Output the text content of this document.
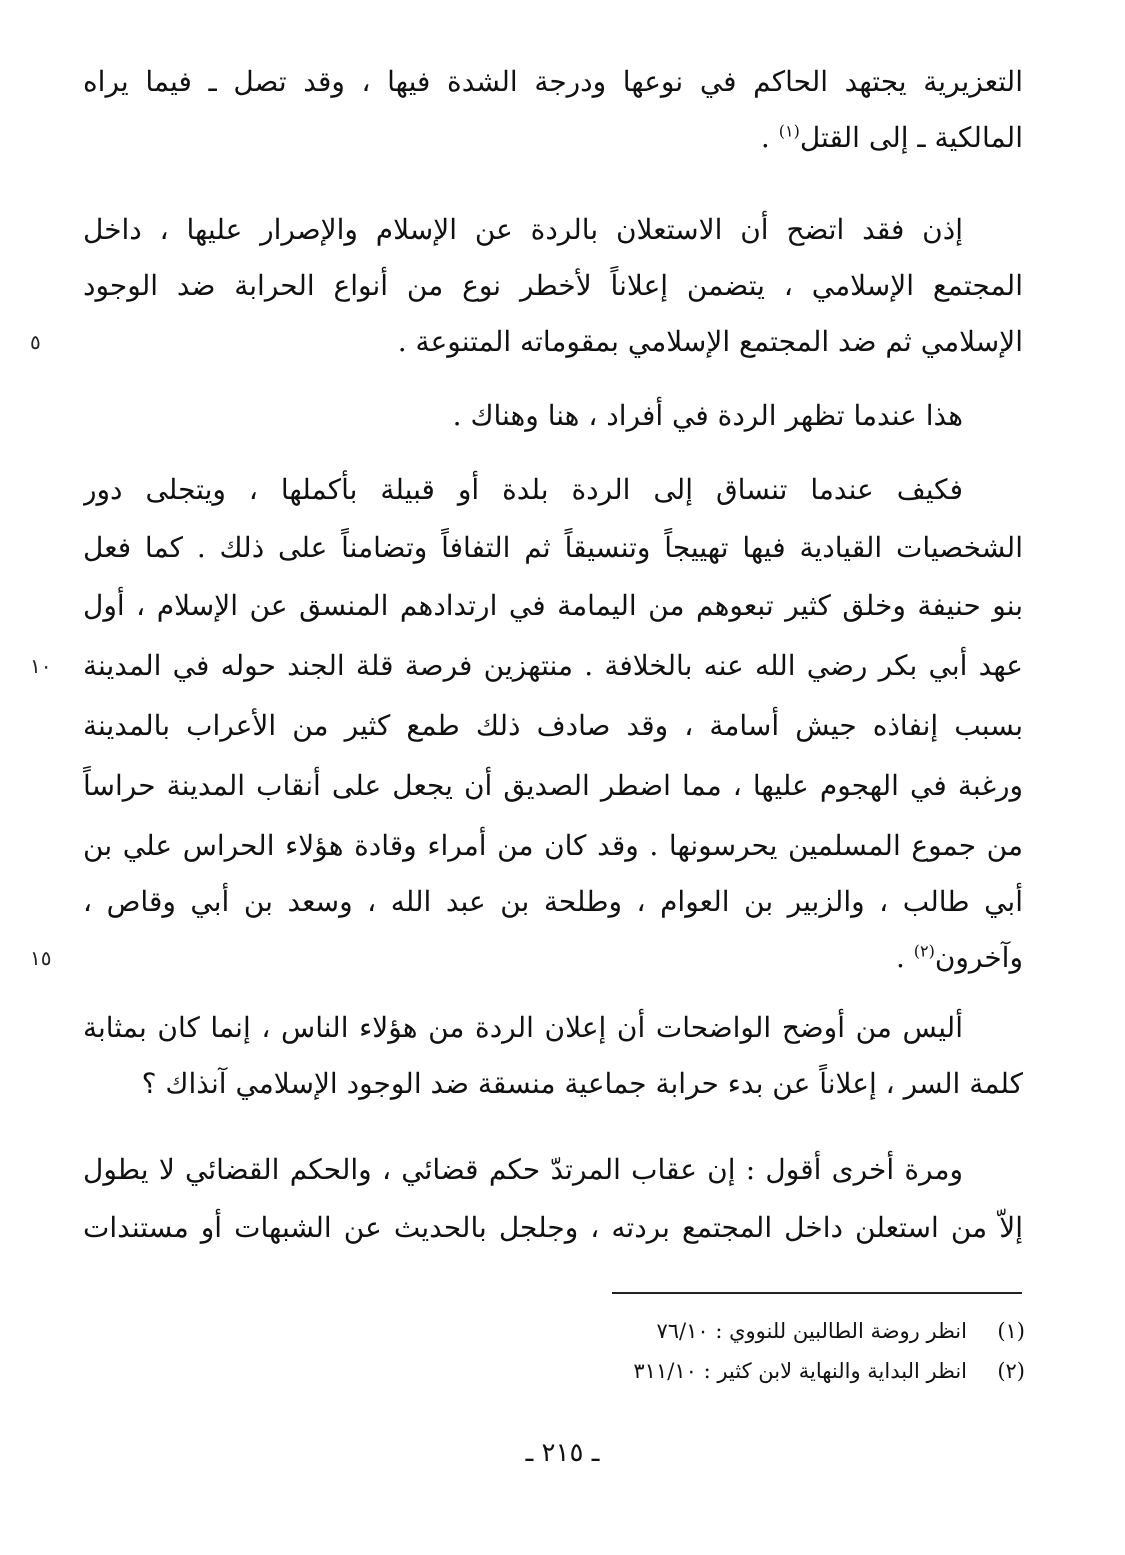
التعزيرية يجتهد الحاكم في نوعها ودرجة الشدة فيها ، وقد تصل ـ فيما يراه
المالكية ـ إلى القتل$^{(١)}$ .
إذن فقد اتضح أن الاستعلان بالردة عن الإسلام والإصرار عليها ، داخل
المجتمع الإسلامي ، يتضمن إعلاناً لأخطر نوع من أنواع الحرابة ضد الوجود
الإسلامي ثم ضد المجتمع الإسلامي بمقوماته المتنوعة .
٥
هذا عندما تظهر الردة في أفراد ، هنا وهناك .
فكيف عندما تنساق إلى الردة بلدة أو قبيلة بأكملها ، ويتجلى دور
الشخصيات القيادية فيها تهييجاً وتنسيقاً ثم التفافاً وتضامناً على ذلك . كما فعل
بنو حنيفة وخلق كثير تبعوهم من اليمامة في ارتدادهم المنسق عن الإسلام ، أول
عهد أبي بكر رضي الله عنه بالخلافة . منتهزين فرصة قلة الجند حوله في المدينة
١٠
بسبب إنفاذه جيش أسامة ، وقد صادف ذلك طمع كثير من الأعراب بالمدينة
ورغبة في الهجوم عليها ، مما اضطر الصديق أن يجعل على أنقاب المدينة حراساً
من جموع المسلمين يحرسونها . وقد كان من أمراء وقادة هؤلاء الحراس علي بن
أبي طالب ، والزبير بن العوام ، وطلحة بن عبد الله ، وسعد بن أبي وقاص ،
وآخرون$^{(٢)}$ .
١٥
أليس من أوضح الواضحات أن إعلان الردة من هؤلاء الناس ، إنما كان بمثابة
كلمة السر ، إعلاناً عن بدء حرابة جماعية منسقة ضد الوجود الإسلامي آنذاك ؟
ومرة أخرى أقول : إن عقاب المرتدّ حكم قضائي ، والحكم القضائي لا يطول
إلاّ من استعلن داخل المجتمع بردته ، وجلجل بالحديث عن الشبهات أو مستندات
(١)انظر روضة الطالبين للنووي : ٧٦/١٠
(٢)انظر البداية والنهاية لابن كثير : ٣١١/١٠
ـ ٢١٥ ـ
